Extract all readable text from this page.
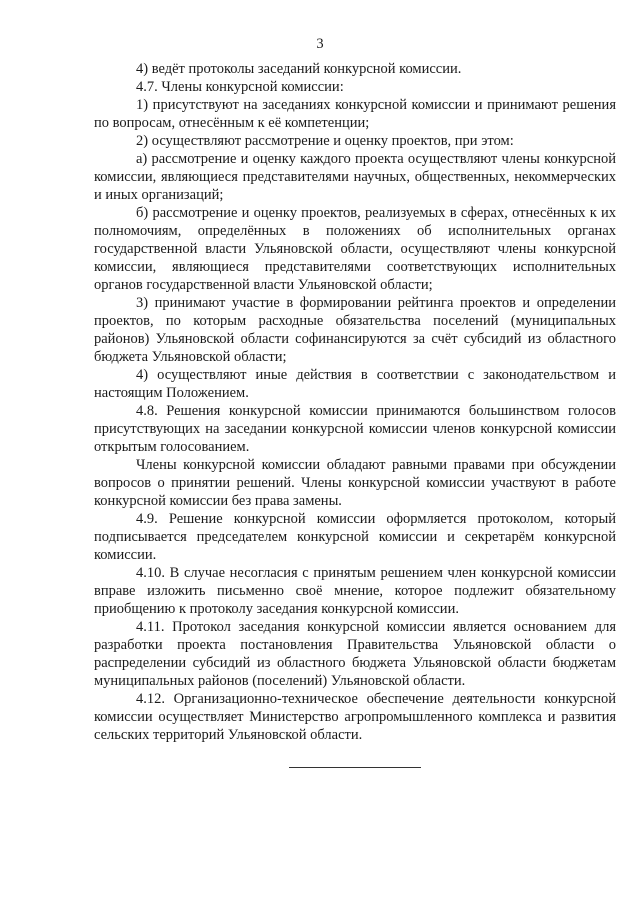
3

4) ведёт протоколы заседаний конкурсной комиссии.

4.7. Члены конкурсной комиссии:

1) присутствуют на заседаниях конкурсной комиссии и принимают решения по вопросам, отнесённым к её компетенции;

2) осуществляют рассмотрение и оценку проектов, при этом:

а) рассмотрение и оценку каждого проекта осуществляют члены конкурсной комиссии, являющиеся представителями научных, общественных, некоммерческих и иных организаций;

б) рассмотрение и оценку проектов, реализуемых в сферах, отнесённых к их полномочиям, определённых в положениях об исполнительных органах государственной власти Ульяновской области, осуществляют члены конкурсной комиссии, являющиеся представителями соответствующих исполнительных органов государственной власти Ульяновской области;

3) принимают участие в формировании рейтинга проектов и определении проектов, по которым расходные обязательства поселений (муниципальных районов) Ульяновской области софинансируются за счёт субсидий из областного бюджета Ульяновской области;

4) осуществляют иные действия в соответствии с законодательством и настоящим Положением.

4.8. Решения конкурсной комиссии принимаются большинством голосов присутствующих на заседании конкурсной комиссии членов конкурсной комиссии открытым голосованием.

Члены конкурсной комиссии обладают равными правами при обсуждении вопросов о принятии решений. Члены конкурсной комиссии участвуют в работе конкурсной комиссии без права замены.

4.9. Решение конкурсной комиссии оформляется протоколом, который подписывается председателем конкурсной комиссии и секретарём конкурсной комиссии.

4.10. В случае несогласия с принятым решением член конкурсной комиссии вправе изложить письменно своё мнение, которое подлежит обязательному приобщению к протоколу заседания конкурсной комиссии.

4.11. Протокол заседания конкурсной комиссии является основанием для разработки проекта постановления Правительства Ульяновской области о распределении субсидий из областного бюджета Ульяновской области бюджетам муниципальных районов (поселений) Ульяновской области.

4.12. Организационно-техническое обеспечение деятельности конкурсной комиссии осуществляет Министерство агропромышленного комплекса и развития сельских территорий Ульяновской области.
